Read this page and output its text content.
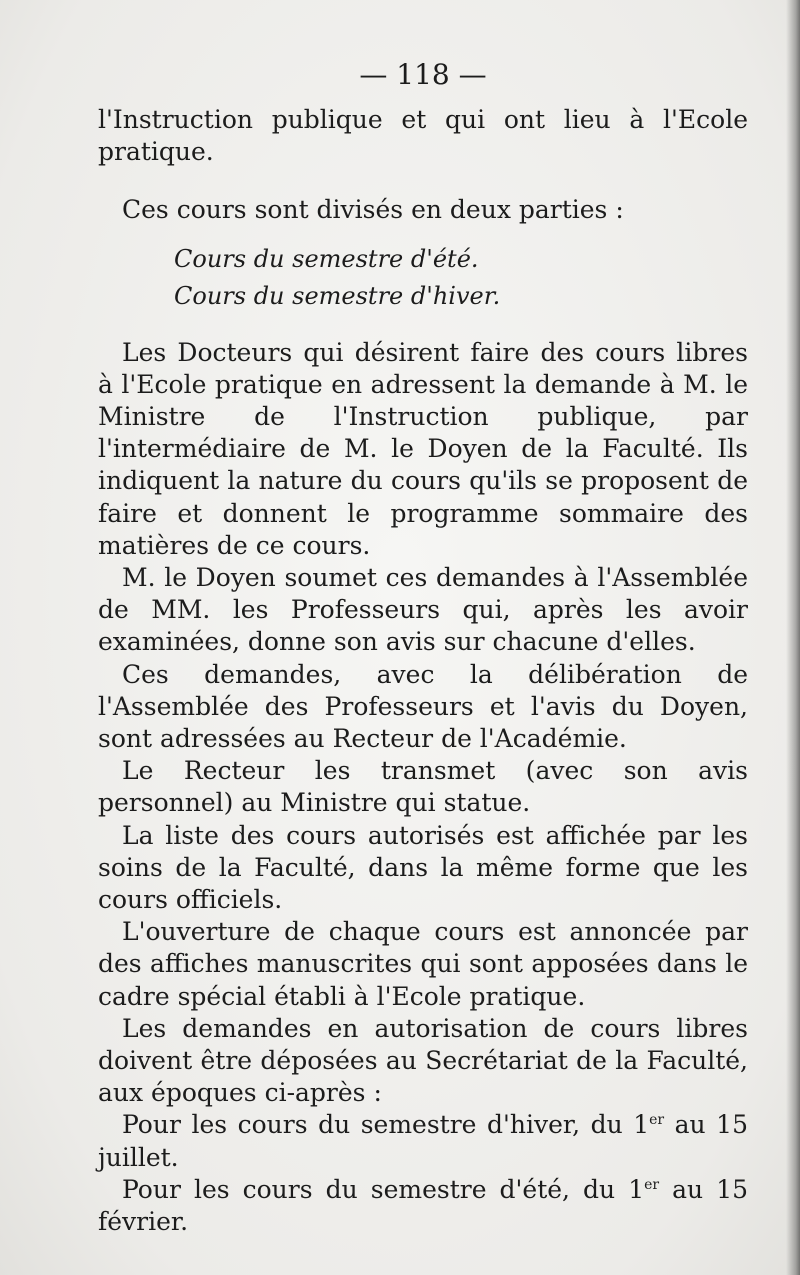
— 118 —

l'Instruction publique et qui ont lieu à l'Ecole pratique.

Ces cours sont divisés en deux parties :

Cours du semestre d'été.

Cours du semestre d'hiver.

Les Docteurs qui désirent faire des cours libres à l'Ecole pratique en adressent la demande à M. le Ministre de l'Instruction publique, par l'intermédiaire de M. le Doyen de la Faculté. Ils indiquent la nature du cours qu'ils se proposent de faire et donnent le programme sommaire des matières de ce cours.

M. le Doyen soumet ces demandes à l'Assemblée de MM. les Professeurs qui, après les avoir examinées, donne son avis sur chacune d'elles.

Ces demandes, avec la délibération de l'Assemblée des Professeurs et l'avis du Doyen, sont adressées au Recteur de l'Académie.

Le Recteur les transmet (avec son avis personnel) au Ministre qui statue.

La liste des cours autorisés est affichée par les soins de la Faculté, dans la même forme que les cours officiels.

L'ouverture de chaque cours est annoncée par des affiches manuscrites qui sont apposées dans le cadre spécial établi à l'Ecole pratique.

Les demandes en autorisation de cours libres doivent être déposées au Secrétariat de la Faculté, aux époques ci-après :

Pour les cours du semestre d'hiver, du 1er au 15 juillet.

Pour les cours du semestre d'été, du 1er au 15 février.
